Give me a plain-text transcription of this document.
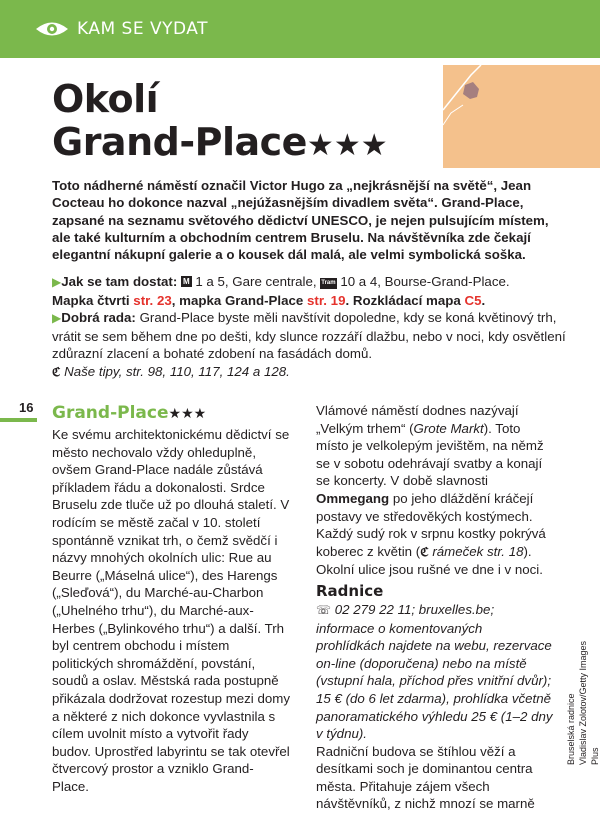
KAM SE VYDAT
Okolí
Grand-Place★★★
Toto nádherné náměstí označil Victor Hugo za „nejkrásnější na světě“, Jean Cocteau ho dokonce nazval „nejúžasnějším divadlem světa“. Grand-Place, zapsané na seznamu světového dědictví UNESCO, je nejen pulsujícím místem, ale také kulturním a obchodním centrem Bruselu. Na návštěvníka zde čekají elegantní nákupní galerie a o kousek dál malá, ale velmi symbolická soška.

▶Jak se tam dostat: M 1 a 5, Gare centrale, Tram 10 a 4, Bourse-Grand-Place.

Mapka čtvrti str. 23, mapka Grand-Place str. 19. Rozkládací mapa C5.

▶Dobrá rada: Grand-Place byste měli navštívit dopoledne, kdy se koná květinový trh, vrátit se sem během dne po dešti, kdy slunce rozzáří dlažbu, nebo v noci, kdy osvětlení zdůrazní zlacení a bohaté zdobení na fasádách domů.

ℭ Naše tipy, str. 98, 110, 117, 124 a 128.

16 Grand-Place★★★
Ke svému architektonickému dědictví se město nechovalo vždy ohleduplně, ovšem Grand-Place nadále zůstává příkladem řádu a dokonalosti. Srdce Bruselu zde tluče už po dlouhá staletí. V rodícím se městě začal v 10. století spontánně vznikat trh, o čemž svědčí i názvy mnohých okolních ulic: Rue au Beurre („Máselná ulice“), des Harengs („Sleďová“), du Marché-au-Charbon („Uhelného trhu“), du Marché-aux-Herbes („Bylinkového trhu“) a další. Trh byl centrem obchodu i místem politických shromáždění, povstání, soudů a oslav. Městská rada postupně přikázala dodržovat rozestup mezi domy a některé z nich dokonce vyvlastnila s cílem uvolnit místo a vytvořit řady budov. Uprostřed labyrintu se tak otevřel čtvercový prostor a vzniklo Grand-Place.
Vlámové náměstí dodnes nazývají „Velkým trhem“ (Grote Markt). Toto místo je velkolepým jevištěm, na němž se v sobotu odehrávají svatby a konají se koncerty. V době slavnosti Ommegang po jeho dláždění kráčejí postavy ve středověkých kostýmech. Každý sudý rok v srpnu kostky pokrývá koberec z květin (ℭ rámeček str. 18). Okolní ulice jsou rušné ve dne i v noci.
Radnice
☏ 02 279 22 11; bruxelles.be; informace o komentovaných prohlídkách najdete na webu, rezervace on-line (doporučena) nebo na místě (vstupní hala, příchod přes vnitřní dvůr); 15 € (do 6 let zdarma), prohlídka včetně panoramatického výhledu 25 € (1–2 dny v týdnu).
Radniční budova se štíhlou věží a desítkami soch je dominantou centra města. Přitahuje zájem všech návštěvníků, z nichž mnozí se marně
Bruselská radnice Vladislav Zolotov/Getty Images Plus
